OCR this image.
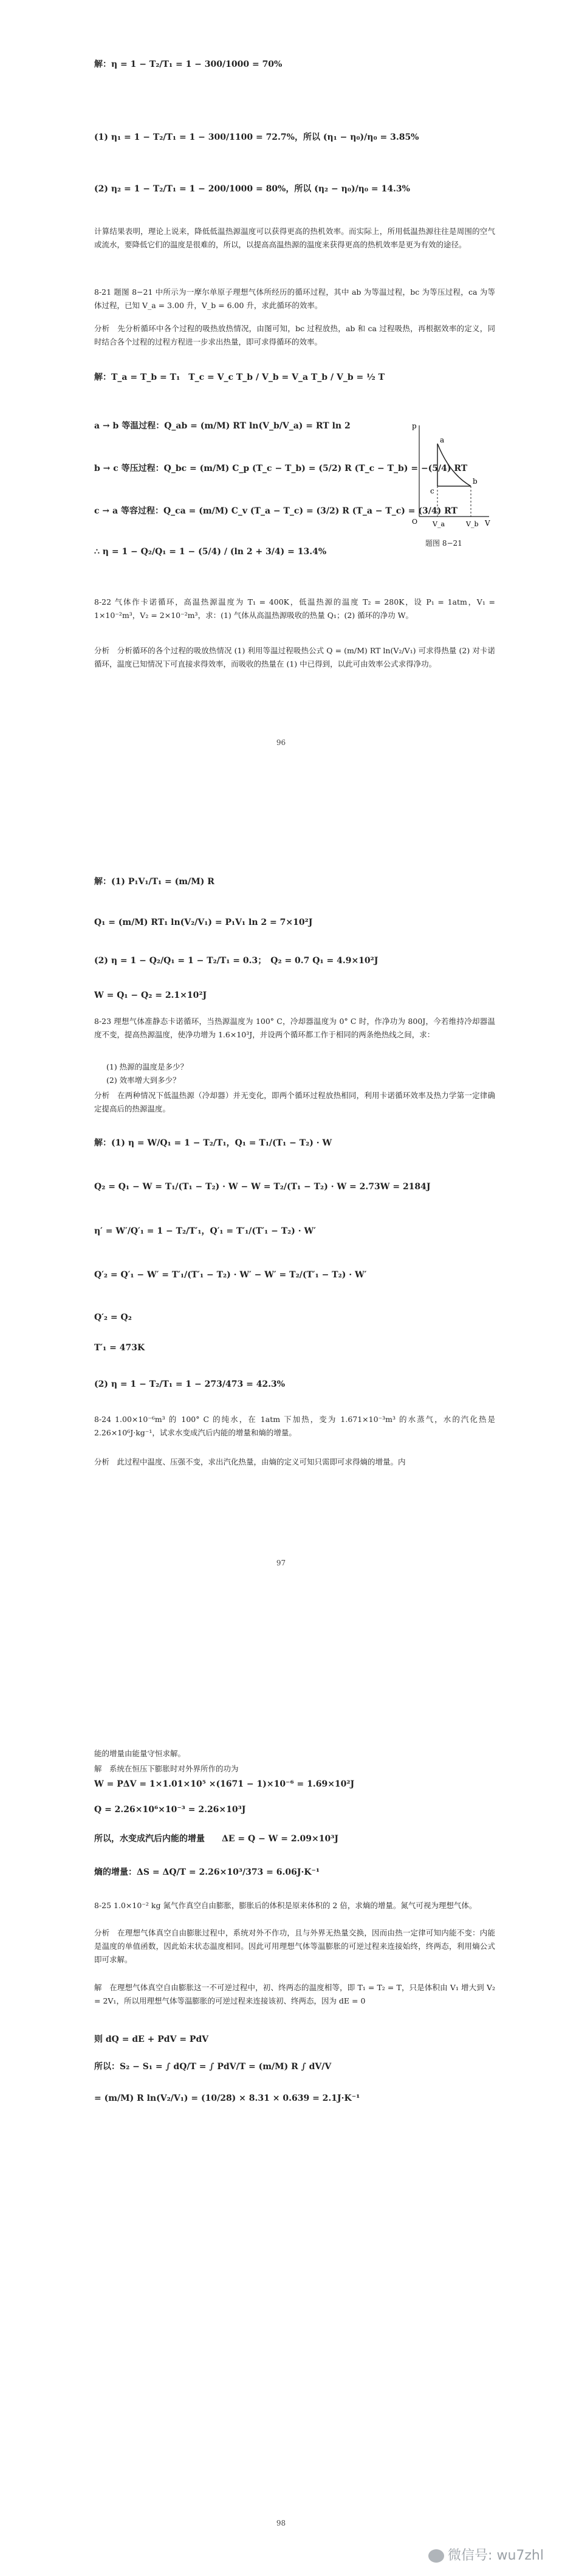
解：η = 1 − T₂/T₁ = 1 − 300/1000 = 70%
(1) η₁ = 1 − T₂/T₁ = 1 − 300/1100 = 72.7%，所以 (η₁ − η₀)/η₀ = 3.85%
(2) η₂ = 1 − T₂/T₁ = 1 − 200/1000 = 80%，所以 (η₂ − η₀)/η₀ = 14.3%
计算结果表明，理论上说来，降低低温热源温度可以获得更高的热机效率。而实际上，所用低温热源往往是周围的空气或流水，要降低它们的温度是很难的，所以，以提高高温热源的温度来获得更高的热机效率是更为有效的途径。
8-21 题图 8−21 中所示为一摩尔单原子理想气体所经历的循环过程，其中 ab 为等温过程，bc 为等压过程，ca 为等体过程，已知 V_a = 3.00 升，V_b = 6.00 升，求此循环的效率。
分析　先分析循环中各个过程的吸热放热情况，由图可知，bc 过程放热，ab 和 ca 过程吸热，再根据效率的定义，同时结合各个过程的过程方程进一步求出热量，即可求得循环的效率。
解：T_a = T_b = T₁　T_c = V_c T_b / V_b = V_a T_b / V_b = ½ T
a → b 等温过程：Q_ab = (m/M) RT ln(V_b/V_a) = RT ln 2
b → c 等压过程：Q_bc = (m/M) C_p (T_c − T_b) = (5/2) R (T_c − T_b) = −(5/4) RT
c → a 等容过程：Q_ca = (m/M) C_v (T_a − T_c) = (3/2) R (T_a − T_c) = (3/4) RT
∴ η = 1 − Q₂/Q₁ = 1 − (5/4) / (ln 2 + 3/4) = 13.4%
p
V
a
b
c
V_a	V_b
O
题图 8−21
8-22 气体作卡诺循环，高温热源温度为 T₁ = 400K，低温热源的温度 T₂ = 280K，设 P₁ = 1atm，V₁ = 1×10⁻²m³，V₂ = 2×10⁻²m³，求：(1) 气体从高温热源吸收的热量 Q₁；(2) 循环的净功 W。
分析　分析循环的各个过程的吸放热情况 (1) 利用等温过程吸热公式 Q = (m/M) RT ln(V₂/V₁) 可求得热量 (2) 对卡诺循环，温度已知情况下可直接求得效率，而吸收的热量在 (1) 中已得到，以此可由效率公式求得净功。
96
解：(1) P₁V₁/T₁ = (m/M) R
Q₁ = (m/M) RT₁ ln(V₂/V₁) = P₁V₁ ln 2 = 7×10²J
(2) η = 1 − Q₂/Q₁ = 1 − T₂/T₁ = 0.3；　Q₂ = 0.7 Q₁ = 4.9×10²J
W = Q₁ − Q₂ = 2.1×10²J
8-23 理想气体准静态卡诺循环，当热源温度为 100° C，冷却器温度为 0° C 时，作净功为 800J，今若维持冷却器温度不变，提高热源温度，使净功增为 1.6×10³J，并设两个循环都工作于相同的两条绝热线之间，求：
(1) 热源的温度是多少？
(2) 效率增大到多少？
分析　在两种情况下低温热源（冷却器）并无变化，即两个循环过程放热相同，利用卡诺循环效率及热力学第一定律确定提高后的热源温度。
解：(1) η = W/Q₁ = 1 − T₂/T₁，Q₁ = T₁/(T₁ − T₂) · W
Q₂ = Q₁ − W = T₁/(T₁ − T₂) · W − W = T₂/(T₁ − T₂) · W = 2.73W = 2184J
η′ = W′/Q′₁ = 1 − T₂/T′₁，Q′₁ = T′₁/(T′₁ − T₂) · W′
Q′₂ = Q′₁ − W′ = T′₁/(T′₁ − T₂) · W′ − W′ = T₂/(T′₁ − T₂) · W′
Q′₂ = Q₂
T′₁ = 473K
(2) η = 1 − T₂/T₁ = 1 − 273/473 = 42.3%
8-24 1.00×10⁻⁶m³ 的 100° C 的纯水，在 1atm 下加热，变为 1.671×10⁻³m³ 的水蒸气，水的汽化热是 2.26×10⁶J·kg⁻¹，试求水变成汽后内能的增量和熵的增量。
分析　此过程中温度、压强不变，求出汽化热量，由熵的定义可知只需即可求得熵的增量。内
97
能的增量由能量守恒求解。
解　系统在恒压下膨胀时对外界所作的功为
W = PΔV = 1×1.01×10⁵ ×(1671 − 1)×10⁻⁶ = 1.69×10²J
Q = 2.26×10⁶×10⁻³ = 2.26×10³J
所以，水变成汽后内能的增量　　ΔE = Q − W = 2.09×10³J
熵的增量：ΔS = ΔQ/T = 2.26×10³/373 = 6.06J·K⁻¹
8-25 1.0×10⁻² kg 氮气作真空自由膨胀，膨胀后的体积是原来体积的 2 倍，求熵的增量。氮气可视为理想气体。
分析　在理想气体真空自由膨胀过程中，系统对外不作功，且与外界无热量交换，因而由热一定律可知内能不变：内能是温度的单值函数，因此始末状态温度相同。因此可用理想气体等温膨胀的可逆过程来连接始终，终两态，利用熵公式即可求解。
解　在理想气体真空自由膨胀这一不可逆过程中，初、终两态的温度相等，即 T₁ = T₂ = T，只是体积由 V₁ 增大到 V₂ = 2V₁，所以用理想气体等温膨胀的可逆过程来连接该初、终两态，因为 dE = 0
则 dQ = dE + PdV = PdV
所以：S₂ − S₁ = ∫ dQ/T = ∫ PdV/T = (m/M) R ∫ dV/V
= (m/M) R ln(V₂/V₁) = (10/28) × 8.31 × 0.639 = 2.1J·K⁻¹
98
微信号: wu7zhl
